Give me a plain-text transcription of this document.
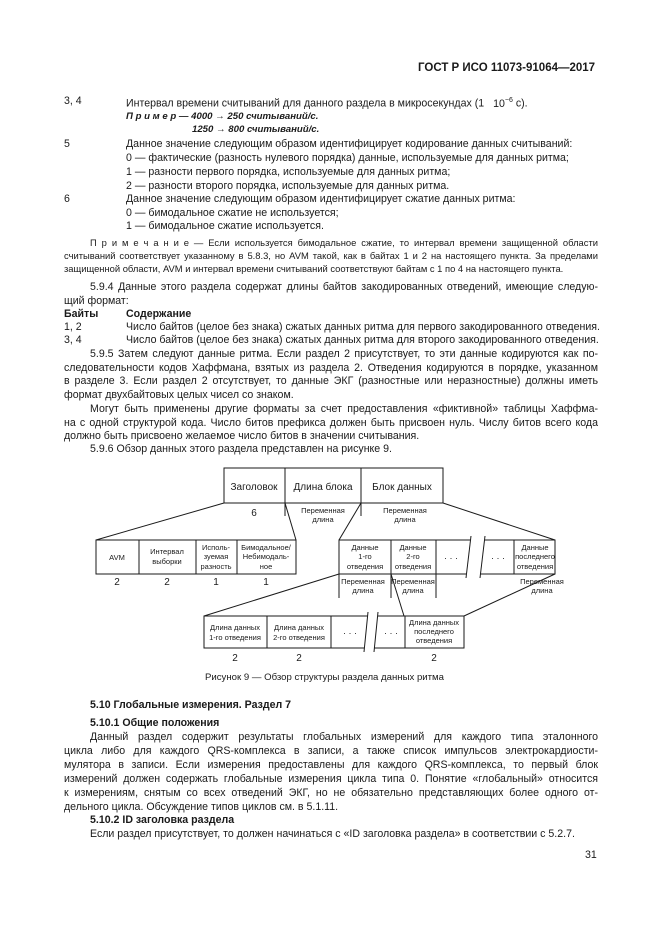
ГОСТ Р ИСО 11073-91064—2017
3, 4	Интервал времени считываний для данного раздела в микросекундах (1 $10^{-6}$ с).
П р и м е р — 4000 → 250 считываний/с.
1250 → 800 считываний/с.
5	Данное значение следующим образом идентифицирует кодирование данных считываний:
0 — фактические (разность нулевого порядка) данные, используемые для данных ритма;
1 — разности первого порядка, используемые для данных ритма;
2 — разности второго порядка, используемые для данных ритма.
6	Данное значение следующим образом идентифицирует сжатие данных ритма:
0 — бимодальное сжатие не используется;
1 — бимодальное сжатие используется.
П р и м е ч а н и е — Если используется бимодальное сжатие, то интервал времени защищенной области
считываний соответствует указанному в 5.8.3, но AVM такой, как в байтах 1 и 2 на настоящего пункта. За пределами
защищенной области, AVM и интервал времени считываний соответствуют байтам с 1 по 4 на настоящего пункта.
5.9.4 Данные этого раздела содержат длины байтов закодированных отведений, имеющие следую-
щий формат:
Байты	Содержание
1, 2	Число байтов (целое без знака) сжатых данных ритма для первого закодированного отведения.
3, 4	Число байтов (целое без знака) сжатых данных ритма для второго закодированного отведения.
5.9.5 Затем следуют данные ритма. Если раздел 2 присутствует, то эти данные кодируются как по-
следовательности кодов Хаффмана, взятых из раздела 2. Отведения кодируются в порядке, указанном
в разделе 3. Если раздел 2 отсутствует, то данные ЭКГ (разностные или неразностные) должны иметь
формат двухбайтовых целых чисел со знаком.
Могут быть применены другие форматы за счет предоставления «фиктивной» таблицы Хаффма-
на с одной структурой кода. Число битов префикса должен быть присвоен нуль. Числу битов всего кода
должно быть присвоено желаемое число битов в значении считывания.
5.9.6 Обзор данных этого раздела представлен на рисунке 9.
Заголовок Длина блока Блок данных
6	Переменная
длина
Переменная
длина
AVM
Интервал
выборки
Исполь-
зуемая
разность
Бимодальное/
Небимодаль-
ное
2	2	1	1
Данные
1-го
отведения
Данные
2-го
отведения
· · ·	· · ·
Данные
последнего
отведения
Переменная
длина
Переменная
длина
Переменная
длина
Длина данных
1-го отведения
Длина данных
2-го отведения · · ·	· · ·
Длина данных
последнего
отведения
2	2	2
Рисунок 9 — Обзор структуры раздела данных ритма
5.10 Глобальные измерения. Раздел 7
5.10.1 Общие положения
Данный раздел содержит результаты глобальных измерений для каждого типа эталонного
цикла либо для каждого QRS-комплекса в записи, а также список импульсов электрокардиости-
мулятора в записи. Если измерения предоставлены для каждого QRS-комплекса, то первый блок
измерений должен содержать глобальные измерения цикла типа 0. Понятие «глобальный» относится
к измерениям, снятым со всех отведений ЭКГ, но не обязательно представляющих более одного от-
дельного цикла. Обсуждение типов циклов см. в 5.1.11.
5.10.2 ID заголовка раздела
Если раздел присутствует, то должен начинаться с «ID заголовка раздела» в соответствии с 5.2.7.
31
